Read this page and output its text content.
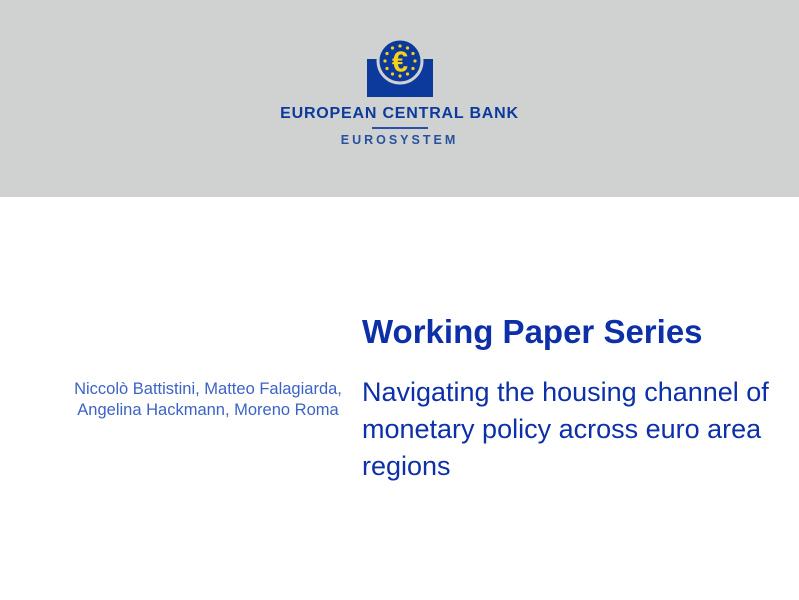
€
EUROPEAN CENTRAL BANK
EUROSYSTEM
Niccolò Battistini, Matteo Falagiarda,
Angelina Hackmann, Moreno Roma
Working Paper Series
Navigating the housing channel of
monetary policy across euro area
regions
